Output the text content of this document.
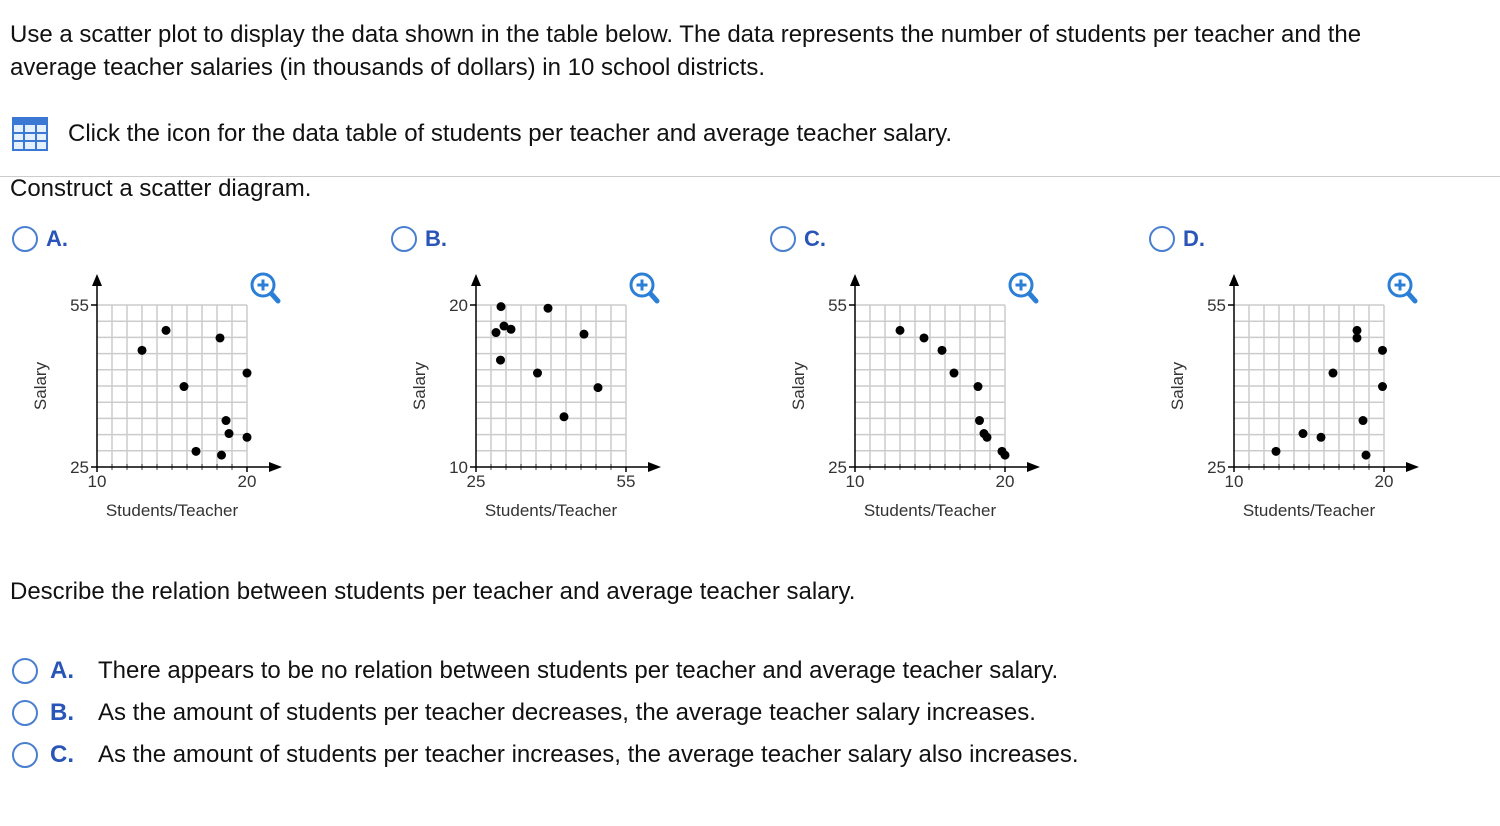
Use a scatter plot to display the data shown in the table below. The data represents the number of students per teacher and the

average teacher salaries (in thousands of dollars) in 10 school districts.

Click the icon for the data table of students per teacher and average teacher salary.
Construct a scatter diagram.
A.	B.	C.	D.
10	20
25
55
Students/Teacher
Salary
25	55
10
20
Students/Teacher
Salary
10	20
25
55
Students/Teacher
Salary
10	20
25
55
Students/Teacher
Salary
Describe the relation between students per teacher and average teacher salary.
A.	There appears to be no relation between students per teacher and average teacher salary.
B.	As the amount of students per teacher decreases, the average teacher salary increases.
C.	As the amount of students per teacher increases, the average teacher salary also increases.
